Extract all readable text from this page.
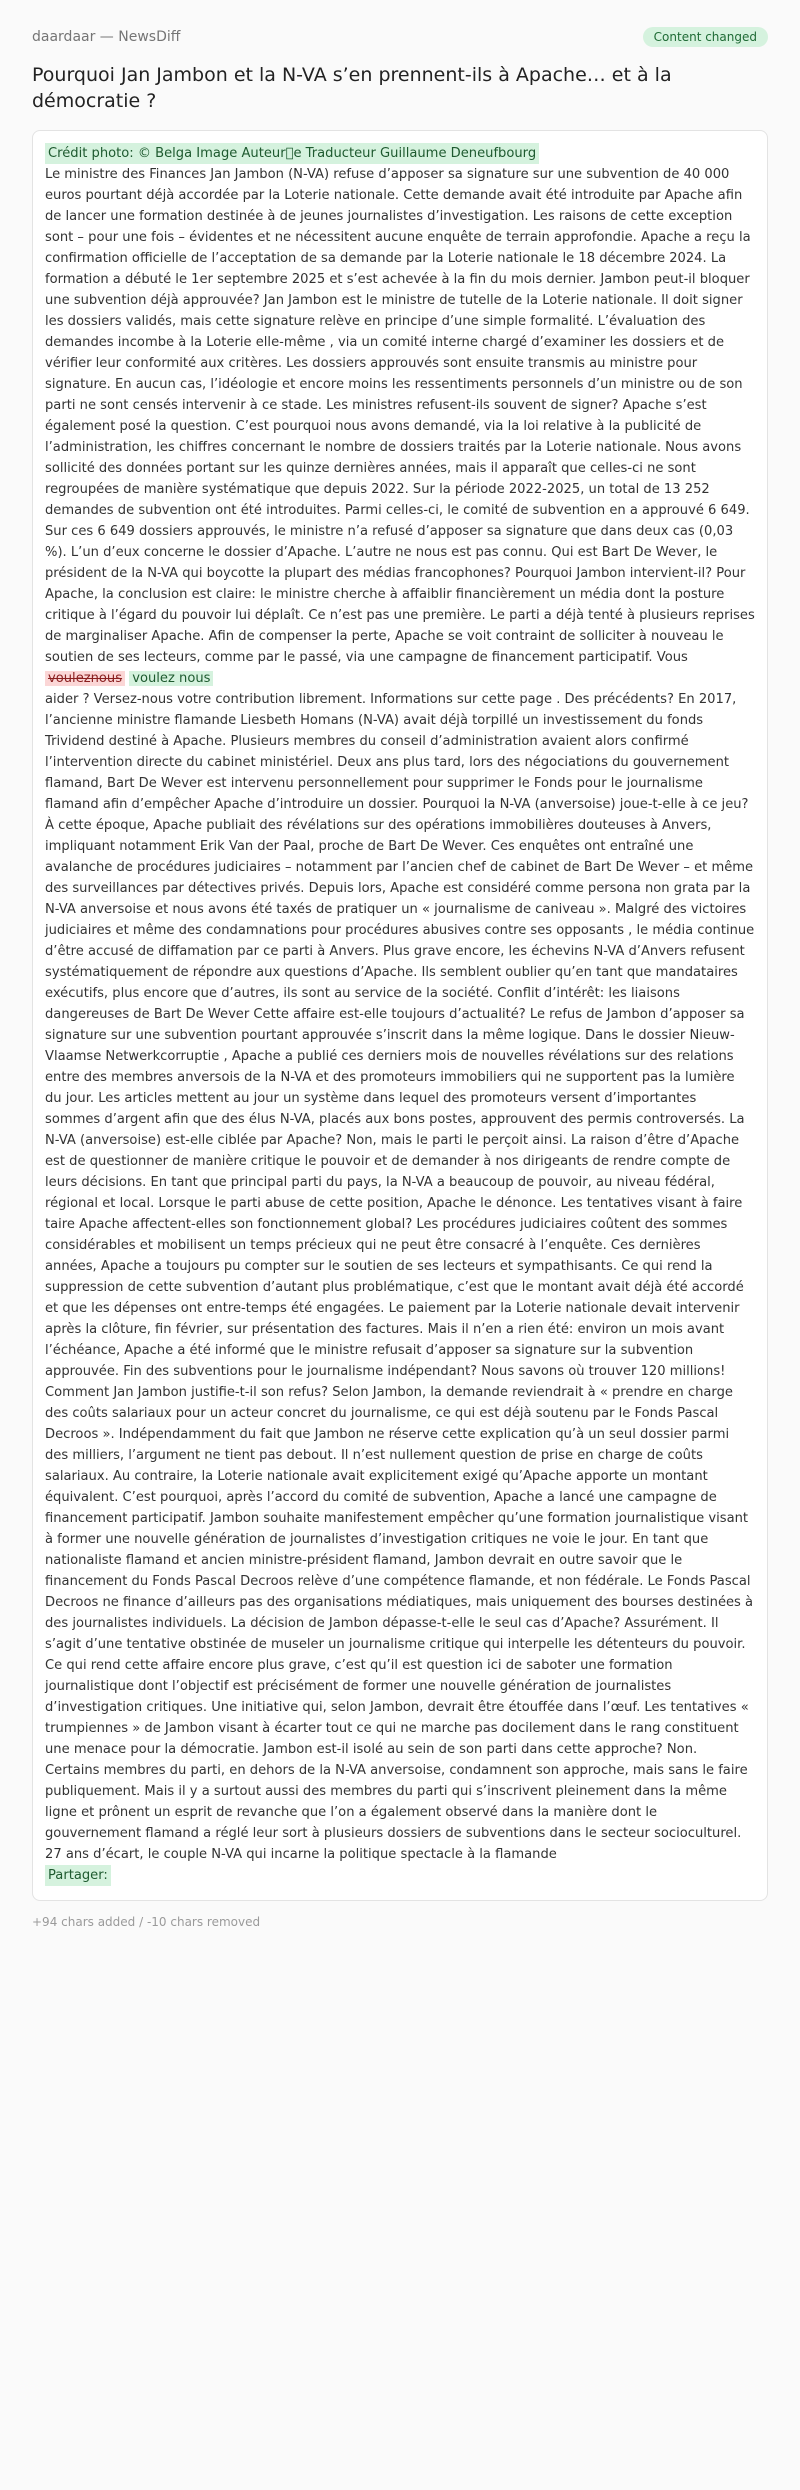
daardaar — NewsDiff	Content changed
Pourquoi Jan Jambon et la N-VA s’en prennent-ils à Apache… et à la démocratie ?
Crédit photo: © Belga Image Auteur e Traducteur Guillaume Deneufbourg
Le ministre des Finances Jan Jambon (N-VA) refuse d’apposer sa signature sur une subvention de 40 000 euros pourtant déjà accordée par la Loterie nationale. Cette demande avait été introduite par Apache afin de lancer une formation destinée à de jeunes journalistes d’investigation. Les raisons de cette exception sont – pour une fois – évidentes et ne nécessitent aucune enquête de terrain approfondie. Apache a reçu la confirmation officielle de l’acceptation de sa demande par la Loterie nationale le 18 décembre 2024. La formation a débuté le 1er septembre 2025 et s’est achevée à la fin du mois dernier. Jambon peut-il bloquer une subvention déjà approuvée? Jan Jambon est le ministre de tutelle de la Loterie nationale. Il doit signer les dossiers validés, mais cette signature relève en principe d’une simple formalité. L’évaluation des demandes incombe à la Loterie elle-même , via un comité interne chargé d’examiner les dossiers et de vérifier leur conformité aux critères. Les dossiers approuvés sont ensuite transmis au ministre pour signature. En aucun cas, l’idéologie et encore moins les ressentiments personnels d’un ministre ou de son parti ne sont censés intervenir à ce stade. Les ministres refusent-ils souvent de signer? Apache s’est également posé la question. C’est pourquoi nous avons demandé, via la loi relative à la publicité de l’administration, les chiffres concernant le nombre de dossiers traités par la Loterie nationale. Nous avons sollicité des données portant sur les quinze dernières années, mais il apparaît que celles-ci ne sont regroupées de manière systématique que depuis 2022. Sur la période 2022-2025, un total de 13 252 demandes de subvention ont été introduites. Parmi celles-ci, le comité de subvention en a approuvé 6 649. Sur ces 6 649 dossiers approuvés, le ministre n’a refusé d’apposer sa signature que dans deux cas (0,03 %). L’un d’eux concerne le dossier d’Apache. L’autre ne nous est pas connu. Qui est Bart De Wever, le président de la N-VA qui boycotte la plupart des médias francophones? Pourquoi Jambon intervient-il? Pour Apache, la conclusion est claire: le ministre cherche à affaiblir financièrement un média dont la posture critique à l’égard du pouvoir lui déplaît. Ce n’est pas une première. Le parti a déjà tenté à plusieurs reprises de marginaliser Apache. Afin de compenser la perte, Apache se voit contraint de solliciter à nouveau le soutien de ses lecteurs, comme par le passé, via une campagne de financement participatif. Vous
vouleznous voulez nous
aider ? Versez-nous votre contribution librement. Informations sur cette page . Des précédents? En 2017, l’ancienne ministre flamande Liesbeth Homans (N-VA) avait déjà torpillé un investissement du fonds Trividend destiné à Apache. Plusieurs membres du conseil d’administration avaient alors confirmé l’intervention directe du cabinet ministériel. Deux ans plus tard, lors des négociations du gouvernement flamand, Bart De Wever est intervenu personnellement pour supprimer le Fonds pour le journalisme flamand afin d’empêcher Apache d’introduire un dossier. Pourquoi la N-VA (anversoise) joue-t-elle à ce jeu? À cette époque, Apache publiait des révélations sur des opérations immobilières douteuses à Anvers, impliquant notamment Erik Van der Paal, proche de Bart De Wever. Ces enquêtes ont entraîné une avalanche de procédures judiciaires – notamment par l’ancien chef de cabinet de Bart De Wever – et même des surveillances par détectives privés. Depuis lors, Apache est considéré comme persona non grata par la N-VA anversoise et nous avons été taxés de pratiquer un « journalisme de caniveau ». Malgré des victoires judiciaires et même des condamnations pour procédures abusives contre ses opposants , le média continue d’être accusé de diffamation par ce parti à Anvers. Plus grave encore, les échevins N-VA d’Anvers refusent systématiquement de répondre aux questions d’Apache. Ils semblent oublier qu’en tant que mandataires exécutifs, plus encore que d’autres, ils sont au service de la société. Conflit d’intérêt: les liaisons dangereuses de Bart De Wever Cette affaire est-elle toujours d’actualité? Le refus de Jambon d’apposer sa signature sur une subvention pourtant approuvée s’inscrit dans la même logique. Dans le dossier Nieuw-Vlaamse Netwerkcorruptie , Apache a publié ces derniers mois de nouvelles révélations sur des relations entre des membres anversois de la N-VA et des promoteurs immobiliers qui ne supportent pas la lumière du jour. Les articles mettent au jour un système dans lequel des promoteurs versent d’importantes sommes d’argent afin que des élus N-VA, placés aux bons postes, approuvent des permis controversés. La N-VA (anversoise) est-elle ciblée par Apache? Non, mais le parti le perçoit ainsi. La raison d’être d’Apache est de questionner de manière critique le pouvoir et de demander à nos dirigeants de rendre compte de leurs décisions. En tant que principal parti du pays, la N-VA a beaucoup de pouvoir, au niveau fédéral, régional et local. Lorsque le parti abuse de cette position, Apache le dénonce. Les tentatives visant à faire taire Apache affectent-elles son fonctionnement global? Les procédures judiciaires coûtent des sommes considérables et mobilisent un temps précieux qui ne peut être consacré à l’enquête. Ces dernières années, Apache a toujours pu compter sur le soutien de ses lecteurs et sympathisants. Ce qui rend la suppression de cette subvention d’autant plus problématique, c’est que le montant avait déjà été accordé et que les dépenses ont entre-temps été engagées. Le paiement par la Loterie nationale devait intervenir après la clôture, fin février, sur présentation des factures. Mais il n’en a rien été: environ un mois avant l’échéance, Apache a été informé que le ministre refusait d’apposer sa signature sur la subvention approuvée. Fin des subventions pour le journalisme indépendant? Nous savons où trouver 120 millions! Comment Jan Jambon justifie-t-il son refus? Selon Jambon, la demande reviendrait à « prendre en charge des coûts salariaux pour un acteur concret du journalisme, ce qui est déjà soutenu par le Fonds Pascal Decroos ». Indépendamment du fait que Jambon ne réserve cette explication qu’à un seul dossier parmi des milliers, l’argument ne tient pas debout. Il n’est nullement question de prise en charge de coûts salariaux. Au contraire, la Loterie nationale avait explicitement exigé qu’Apache apporte un montant équivalent. C’est pourquoi, après l’accord du comité de subvention, Apache a lancé une campagne de financement participatif. Jambon souhaite manifestement empêcher qu’une formation journalistique visant à former une nouvelle génération de journalistes d’investigation critiques ne voie le jour. En tant que nationaliste flamand et ancien ministre-président flamand, Jambon devrait en outre savoir que le financement du Fonds Pascal Decroos relève d’une compétence flamande, et non fédérale. Le Fonds Pascal Decroos ne finance d’ailleurs pas des organisations médiatiques, mais uniquement des bourses destinées à des journalistes individuels. La décision de Jambon dépasse-t-elle le seul cas d’Apache? Assurément. Il s’agit d’une tentative obstinée de museler un journalisme critique qui interpelle les détenteurs du pouvoir. Ce qui rend cette affaire encore plus grave, c’est qu’il est question ici de saboter une formation journalistique dont l’objectif est précisément de former une nouvelle génération de journalistes d’investigation critiques. Une initiative qui, selon Jambon, devrait être étouffée dans l’œuf. Les tentatives « trumpiennes » de Jambon visant à écarter tout ce qui ne marche pas docilement dans le rang constituent une menace pour la démocratie. Jambon est-il isolé au sein de son parti dans cette approche? Non. Certains membres du parti, en dehors de la N-VA anversoise, condamnent son approche, mais sans le faire publiquement. Mais il y a surtout aussi des membres du parti qui s’inscrivent pleinement dans la même ligne et prônent un esprit de revanche que l’on a également observé dans la manière dont le gouvernement flamand a réglé leur sort à plusieurs dossiers de subventions dans le secteur socioculturel. 27 ans d’écart, le couple N-VA qui incarne la politique spectacle à la flamande
Partager:
+94 chars added / -10 chars removed
